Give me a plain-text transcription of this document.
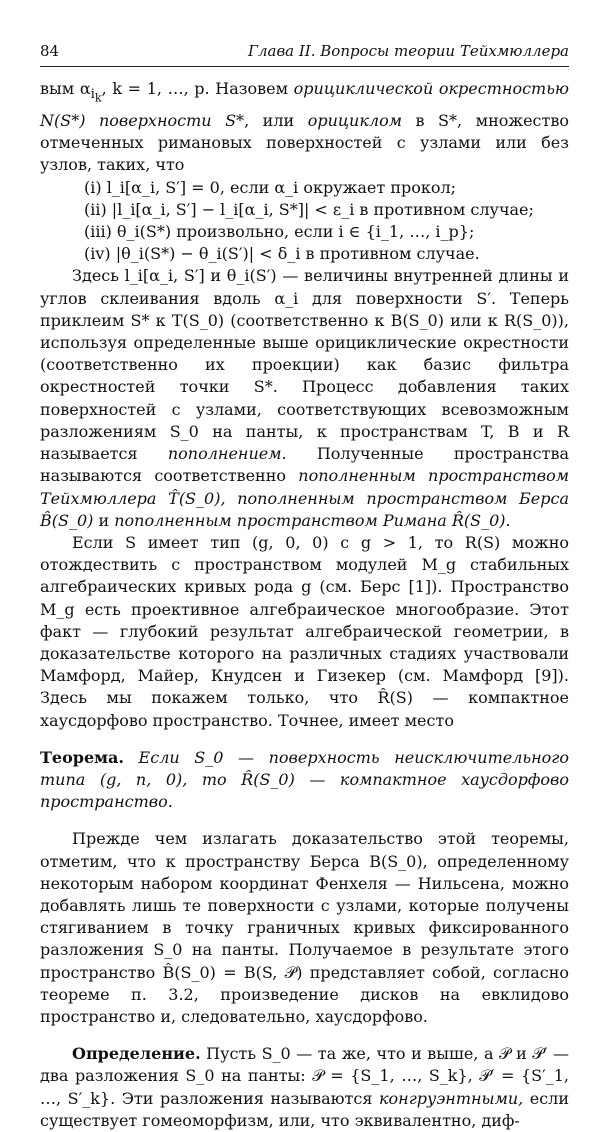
84	Глава II. Вопросы теории Тейхмюллера

вым $\alpha_{i_k}$, k = 1, …, p. Назовем орициклической окрестностью N(S*) поверхности S*, или орициклом в S*, множество отмеченных римановых поверхностей с узлами или без узлов, таких, что

(i) l_i[α_i, S′] = 0, если α_i окружает прокол;
(ii) |l_i[α_i, S′] − l_i[α_i, S*]| < ε_i в противном случае;
(iii) θ_i(S*) произвольно, если i ∈ {i_1, …, i_p};
(iv) |θ_i(S*) − θ_i(S′)| < δ_i в противном случае.

Здесь l_i[α_i, S′] и θ_i(S′) — величины внутренней длины и углов склеивания вдоль α_i для поверхности S′. Теперь приклеим S* к T(S_0) (соответственно к B(S_0) или к R(S_0)), используя определенные выше орициклические окрестности (соответственно их проекции) как базис фильтра окрестностей точки S*. Процесс добавления таких поверхностей с узлами, соответствующих всевозможным разложениям S_0 на панты, к пространствам T, B и R называется пополнением. Полученные пространства называются соответственно пополненным пространством Тейхмюллера T̂(S_0), пополненным пространством Берса B̂(S_0) и пополненным пространством Римана R̂(S_0).

Если S имеет тип (g, 0, 0) с g > 1, то R(S) можно отождествить с пространством модулей M_g стабильных алгебраических кривых рода g (см. Берс [1]). Пространство M_g есть проективное алгебраическое многообразие. Этот факт — глубокий результат алгебраической геометрии, в доказательстве которого на различных стадиях участвовали Мамфорд, Майер, Кнудсен и Гизекер (см. Мамфорд [9]). Здесь мы покажем только, что R̂(S) — компактное хаусдорфово пространство. Точнее, имеет место

Теорема. Если S_0 — поверхность неисключительного типа (g, n, 0), то R̂(S_0) — компактное хаусдорфово пространство.

Прежде чем излагать доказательство этой теоремы, отметим, что к пространству Берса B(S_0), определенному некоторым набором координат Фенхеля — Нильсена, можно добавлять лишь те поверхности с узлами, которые получены стягиванием в точку граничных кривых фиксированного разложения S_0 на панты. Получаемое в результате этого пространство B̂(S_0) = B(S, 𝒫) представляет собой, согласно теореме п. 3.2, произведение дисков на евклидово пространство и, следовательно, хаусдорфово.

Определение. Пусть S_0 — та же, что и выше, а 𝒫 и 𝒫′ — два разложения S_0 на панты: 𝒫 = {S_1, …, S_k}, 𝒫′ = {S′_1, …, S′_k}. Эти разложения называются конгруэнтными, если существует гомеоморфизм, или, что эквивалентно, диф-
